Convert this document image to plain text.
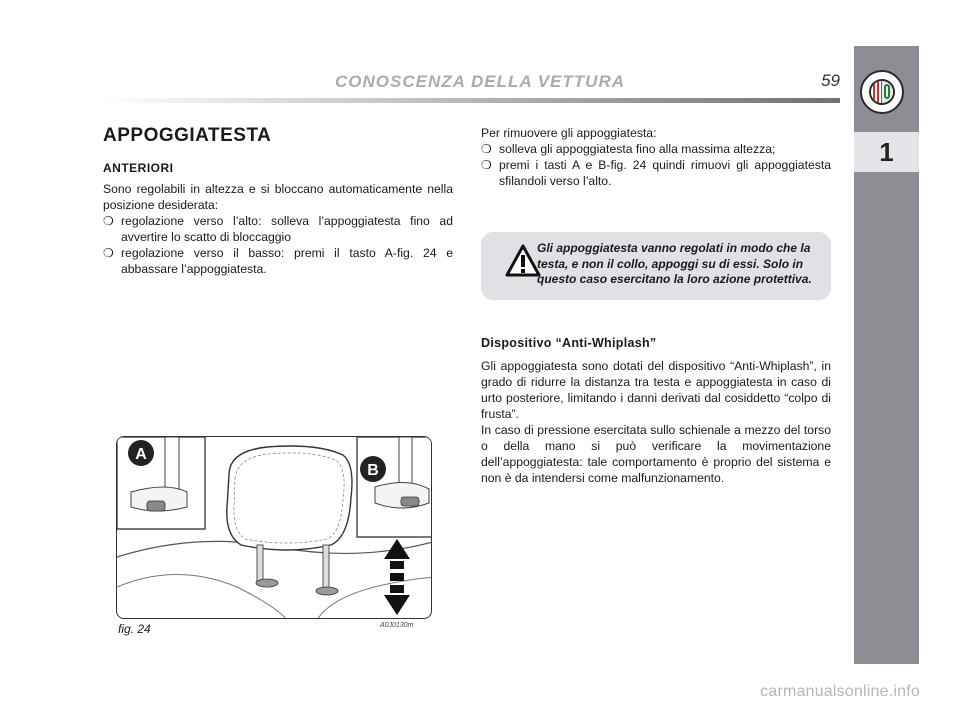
CONOSCENZA DELLA VETTURA	59
1
APPOGGIATESTA
ANTERIORI

Sono regolabili in altezza e si bloccano automaticamente nella posizione desiderata:

❍ regolazione verso l’alto: solleva l’appoggiatesta fino ad avvertire lo scatto di bloccaggio
❍ regolazione verso il basso: premi il tasto A-fig. 24 e abbassare l’appoggiatesta.
A
B
fig. 24	A0J0130m

Per rimuovere gli appoggiatesta:

❍ solleva gli appoggiatesta fino alla massima altezza;
❍ premi i tasti A e B-fig. 24 quindi rimuovi gli appoggiatesta sfilandoli verso l’alto.
Gli appoggiatesta vanno regolati in modo che la testa, e non il collo, appoggi su di essi. Solo in questo caso esercitano la loro azione protettiva.
Dispositivo “Anti-Whiplash”

Gli appoggiatesta sono dotati del dispositivo “Anti-Whiplash”, in grado di ridurre la distanza tra testa e appoggiatesta in caso di urto posteriore, limitando i danni derivati dal cosiddetto “colpo di frusta”.

In caso di pressione esercitata sullo schienale a mezzo del torso o della mano si può verificare la movimentazione dell’appoggiatesta: tale comportamento è proprio del sistema e non è da intendersi come malfunzionamento.

carmanualsonline.info
